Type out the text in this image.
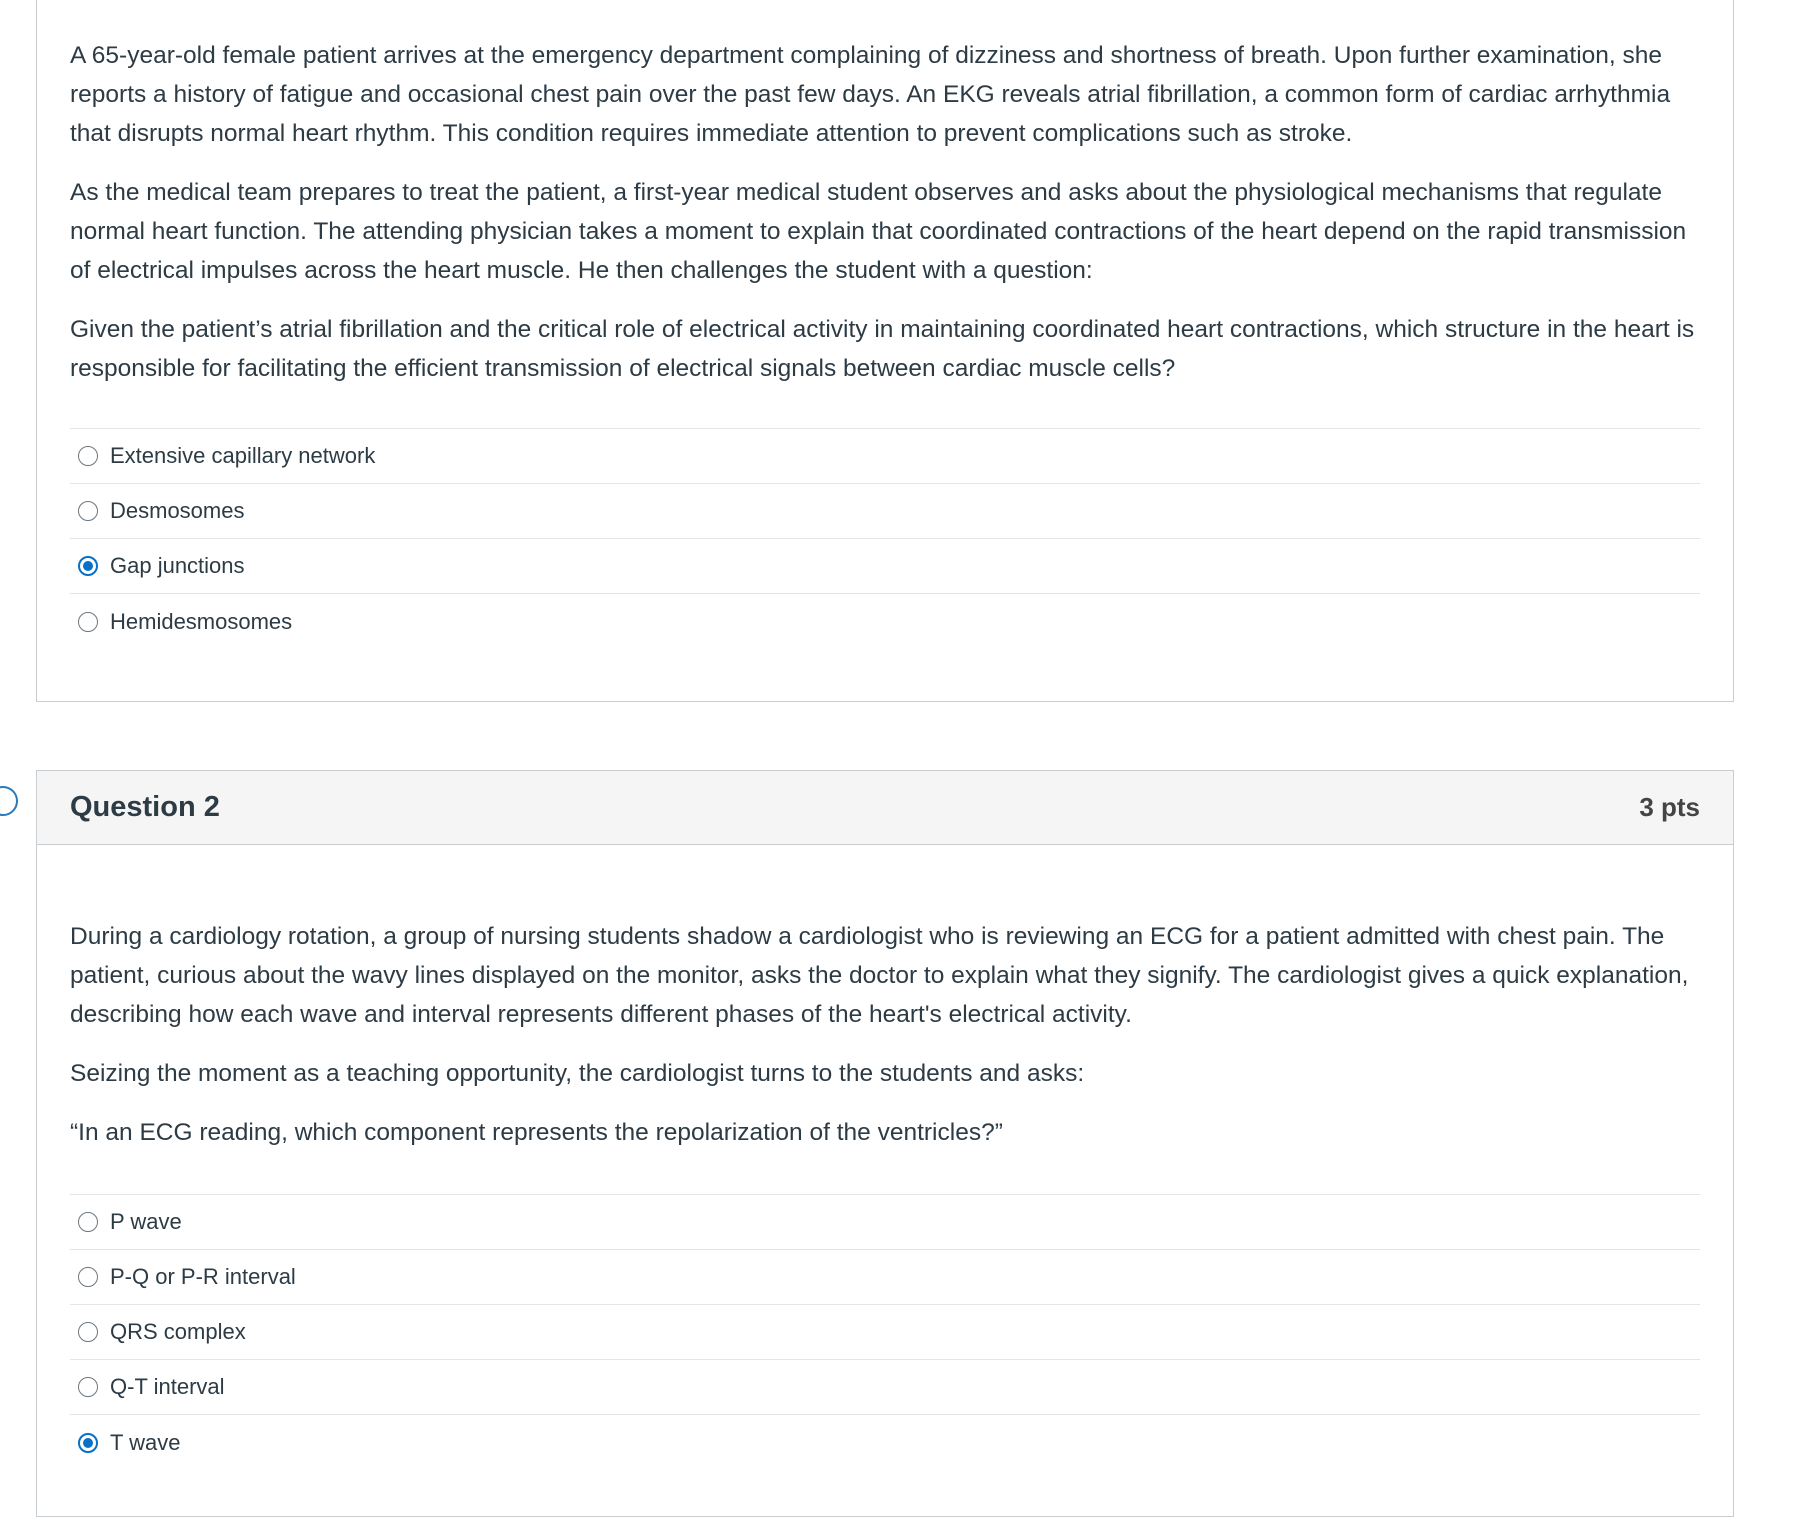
A 65-year-old female patient arrives at the emergency department complaining of dizziness and shortness of breath. Upon further examination, she reports a history of fatigue and occasional chest pain over the past few days. An EKG reveals atrial fibrillation, a common form of cardiac arrhythmia that disrupts normal heart rhythm. This condition requires immediate attention to prevent complications such as stroke.

As the medical team prepares to treat the patient, a first-year medical student observes and asks about the physiological mechanisms that regulate normal heart function. The attending physician takes a moment to explain that coordinated contractions of the heart depend on the rapid transmission of electrical impulses across the heart muscle. He then challenges the student with a question:

Given the patient’s atrial fibrillation and the critical role of electrical activity in maintaining coordinated heart contractions, which structure in the heart is responsible for facilitating the efficient transmission of electrical signals between cardiac muscle cells?

Extensive capillary network
Desmosomes
Gap junctions
Hemidesmosomes
Question 2	3 pts

During a cardiology rotation, a group of nursing students shadow a cardiologist who is reviewing an ECG for a patient admitted with chest pain. The patient, curious about the wavy lines displayed on the monitor, asks the doctor to explain what they signify. The cardiologist gives a quick explanation, describing how each wave and interval represents different phases of the heart's electrical activity.

Seizing the moment as a teaching opportunity, the cardiologist turns to the students and asks:

“In an ECG reading, which component represents the repolarization of the ventricles?”

P wave
P-Q or P-R interval
QRS complex
Q-T interval
T wave
